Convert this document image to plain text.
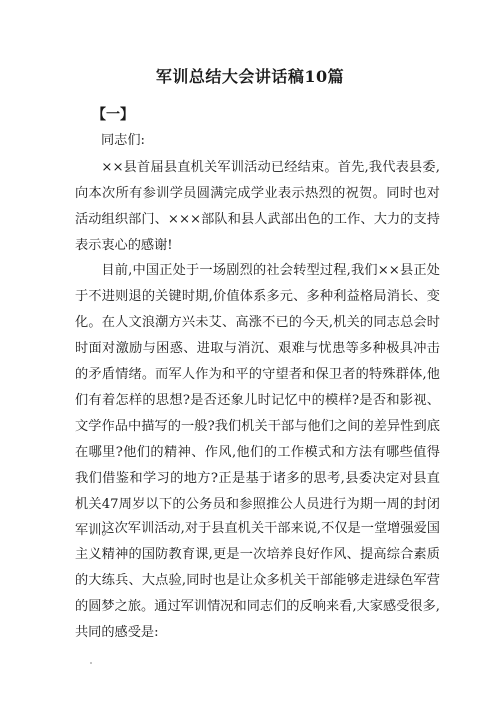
军训总结大会讲话稿10篇
【一】
同志们:

××县首届县直机关军训活动已经结束。首先,我代表县委,向本次所有参训学员圆满完成学业表示热烈的祝贺。同时也对活动组织部门、×××部队和县人武部出色的工作、大力的支持表示衷心的感谢!

目前,中国正处于一场剧烈的社会转型过程,我们××县正处于不进则退的关键时期,价值体系多元、多种利益格局消长、变化。在人文浪潮方兴未艾、高涨不已的今天,机关的同志总会时时面对激励与困惑、进取与消沉、艰难与忧患等多种极具冲击的矛盾情绪。而军人作为和平的守望者和保卫者的特殊群体,他们有着怎样的思想?是否还象儿时记忆中的模样?是否和影视、文学作品中描写的一般?我们机关干部与他们之间的差异性到底在哪里?他们的精神、作风,他们的工作模式和方法有哪些值得我们借鉴和学习的地方?正是基于诸多的思考,县委决定对县直机关47周岁以下的公务员和参照推公人员进行为期一周的封闭军训。

这次军训活动,对于县直机关干部来说,不仅是一堂增强爱国主义精神的国防教育课,更是一次培养良好作风、提高综合素质的大练兵、大点验,同时也是让众多机关干部能够走进绿色军营的圆梦之旅。通过军训情况和同志们的反响来看,大家感受很多,共同的感受是:
